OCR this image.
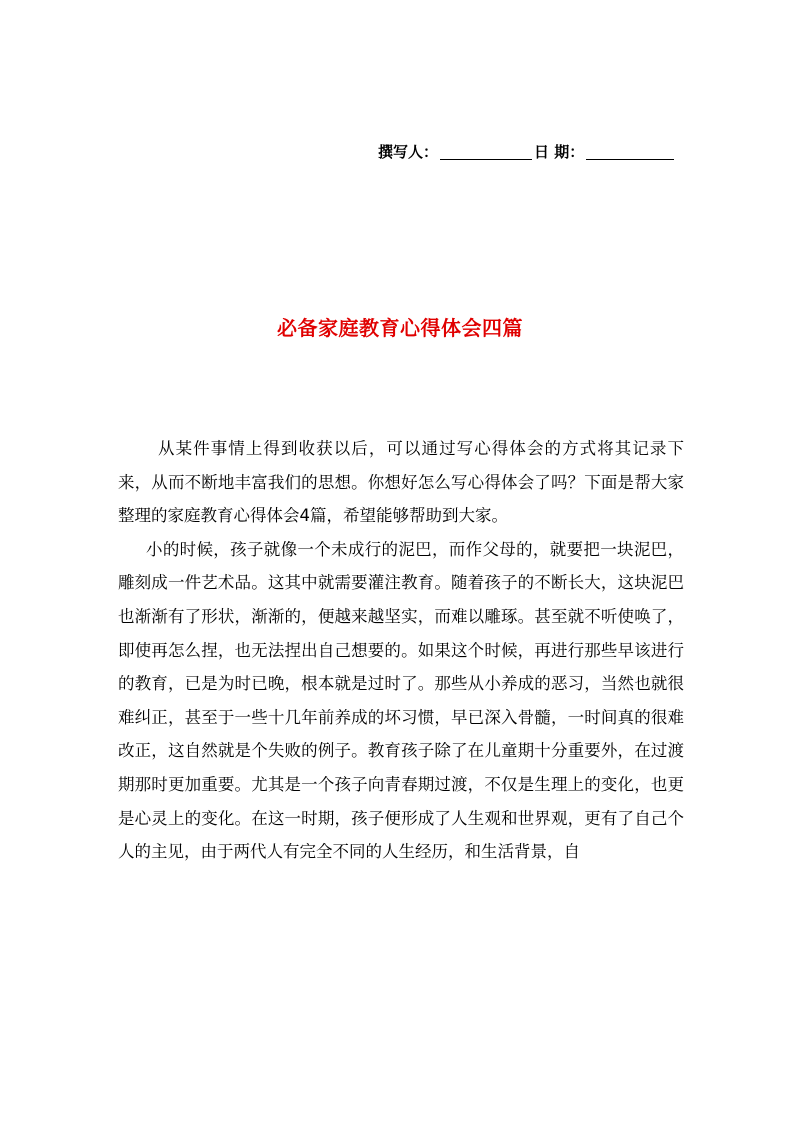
撰写人：	日 期：
必备家庭教育心得体会四篇

从某件事情上得到收获以后，可以通过写心得体会的方式将其记录下来，从而不断地丰富我们的思想。你想好怎么写心得体会了吗？下面是帮大家整理的家庭教育心得体会4篇，希望能够帮助到大家。

小的时候，孩子就像一个未成行的泥巴，而作父母的，就要把一块泥巴，雕刻成一件艺术品。这其中就需要灌注教育。随着孩子的不断长大，这块泥巴也渐渐有了形状，渐渐的，便越来越坚实，而难以雕琢。甚至就不听使唤了，即使再怎么捏，也无法捏出自己想要的。如果这个时候，再进行那些早该进行的教育，已是为时已晚，根本就是过时了。那些从小养成的恶习，当然也就很难纠正，甚至于一些十几年前养成的坏习惯，早已深入骨髓，一时间真的很难改正，这自然就是个失败的例子。教育孩子除了在儿童期十分重要外，在过渡期那时更加重要。尤其是一个孩子向青春期过渡，不仅是生理上的变化，也更是心灵上的变化。在这一时期，孩子便形成了人生观和世界观，更有了自己个人的主见，由于两代人有完全不同的人生经历，和生活背景，自
